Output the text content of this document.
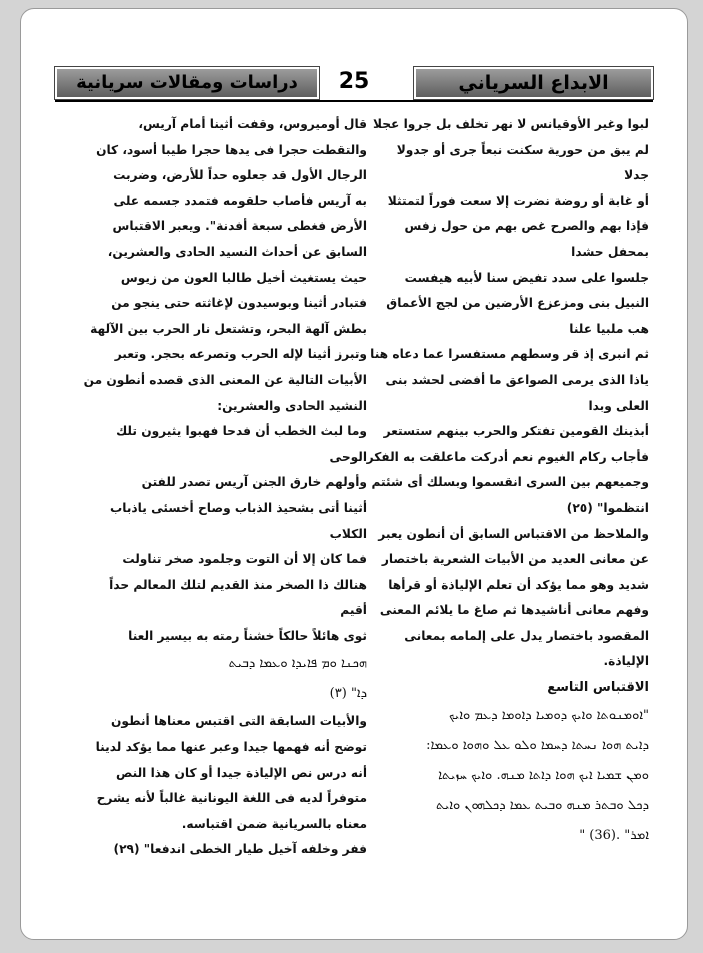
الابداع السرياني
25
دراسات ومقالات سريانية

لبوا وغير الأوقيانس لا نهر تخلف بل جروا عجلا

لم يبق من حورية سكنت نبعاً جرى أو جدولا

جدلا

أو غابة أو روضة نضرت إلا سعت فوراً لتمتثلا

فإذا بهم والصرح غص بهم من حول زفس

بمحفل حشدا

جلسوا على سدد تفيض سنا لأبيه هيفست

النبيل بنى ومزعزع الأرضين من لجج الأعماق

هب ملبيا علنا

ثم انبرى إذ قر وسطهم مستفسرا عما دعاه هنا

ياذا الذى يرمى الصواعق ما أفضى لحشد بنى

العلى وبدا

أبذينك القومين تفتكر والحرب بينهم ستستعر

فأجاب ركام الغيوم نعم أدركت ماعلقت به الفكر

وجميعهم بين السرى انقسموا وبسلك أى شئتم

انتظموا" (٢٥)

والملاحظ من الاقتباس السابق أن أنطون يعبر

عن معانى العديد من الأبيات الشعرية باختصار

شديد وهو مما يؤكد أن تعلم الإلياذة أو قرأها

وفهم معانى أناشيدها ثم صاغ ما يلائم المعنى

المقصود باختصار يدل على إلمامه بمعانى

الإلياذة.

الاقتباس التاسع

"ܐܘܡܢܘܬܐ ܘܐܝܟ ܕܘܡܝܐ ܕܐܘܡܐ ܕܥܡ ܘܐܝܟ

ܕܐܝܬ ܗܘܐ ܢܚܬܐ ܕܚܡܐ ܘܠܘ ܥܠ ܘܗܘܐ ܘܥܡܐ:

ܘܡܢ ܫܡܝܐ ܐܝܟ ܗܘܐ ܕܐܬܐ ܡܢܗ. ܘܐܝܟ ܚܙܝܬܐ

ܕܟܠ ܘܒܬܪ ܡܢܗ ܘܒܝܬ ܥܡܐ ܕܟܠܗܘܢ ܘܐܝܬ

ܐܡܪ" .(36) "

قال أوميروس، وقفت أثينا أمام آريس،

والتقطت حجرا فى يدها حجرا طيبا أسود، كان

الرجال الأول قد جعلوه حداً للأرض، وضربت

به آريس فأصاب حلقومه فتمدد جسمه على

الأرض فغطى سبعة أفدنة". ويعبر الاقتباس

السابق عن أحداث النسيد الحادى والعشرين،

حيث يستغيث أخيل طالبا العون من زيوس

فتبادر أثينا وبوسيدون لإغاثته حتى ينجو من

بطش آلهة البحر، وتشتعل نار الحرب بين الآلهة

وتبرز أثينا لإله الحرب وتصرعه بحجر. وتعبر

الأبيات التالية عن المعنى الذى قصده أنطون من

النشيد الحادى والعشرين:

وما لبث الخطب أن فدحا فهبوا يثيرون تلك

الوحى

وأولهم خارق الجنن آريس تصدر للفتن

أثينا أتى بشحيذ الذباب وصاح أخسئى ياذباب

الكلاب

فما كان إلا أن التوت وجلمود صخر تناولت

هنالك ذا الصخر منذ القديم لتلك المعالم حداً

أقيم

ثوى هائلاً حالكاً خشناً رمته به بيسير العنا

ܗܟܢܐ ܘܡ ܦܐܝܕܐ ܘܥܡܐ ܕܒܝܬ

ܕܐ" (٣)

والأبيات السابقة التى اقتبس معناها أنطون

توضح أنه فهمها جيدا وعبر عنها مما يؤكد لدينا

أنه درس نص الإلياذة جيدا أو كان هذا النص

متوفراً لديه فى اللغة اليونانية غالباً لأنه يشرح

معناه بالسريانية ضمن اقتباسه.

ففر وخلفه آخيل طيار الخطى اندفعا" (٢٩)
